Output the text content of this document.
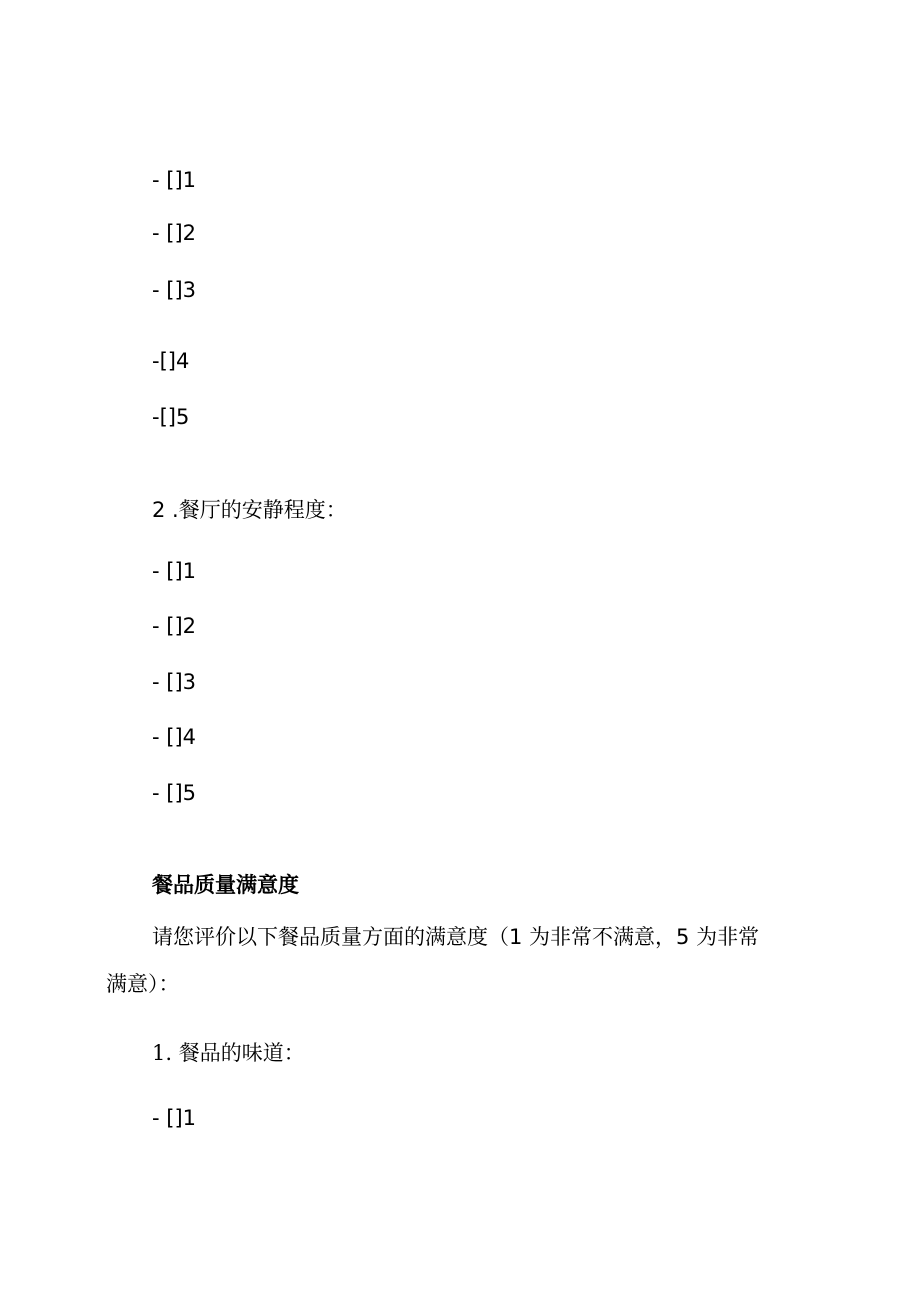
- []1
- []2
- []3
-[]4
-[]5
2 .餐厅的安静程度：
- []1
- []2
- []3
- []4
- []5
餐品质量满意度
请您评价以下餐品质量方面的满意度（1 为非常不满意，5 为非常
满意）：
1. 餐品的味道：
- []1
